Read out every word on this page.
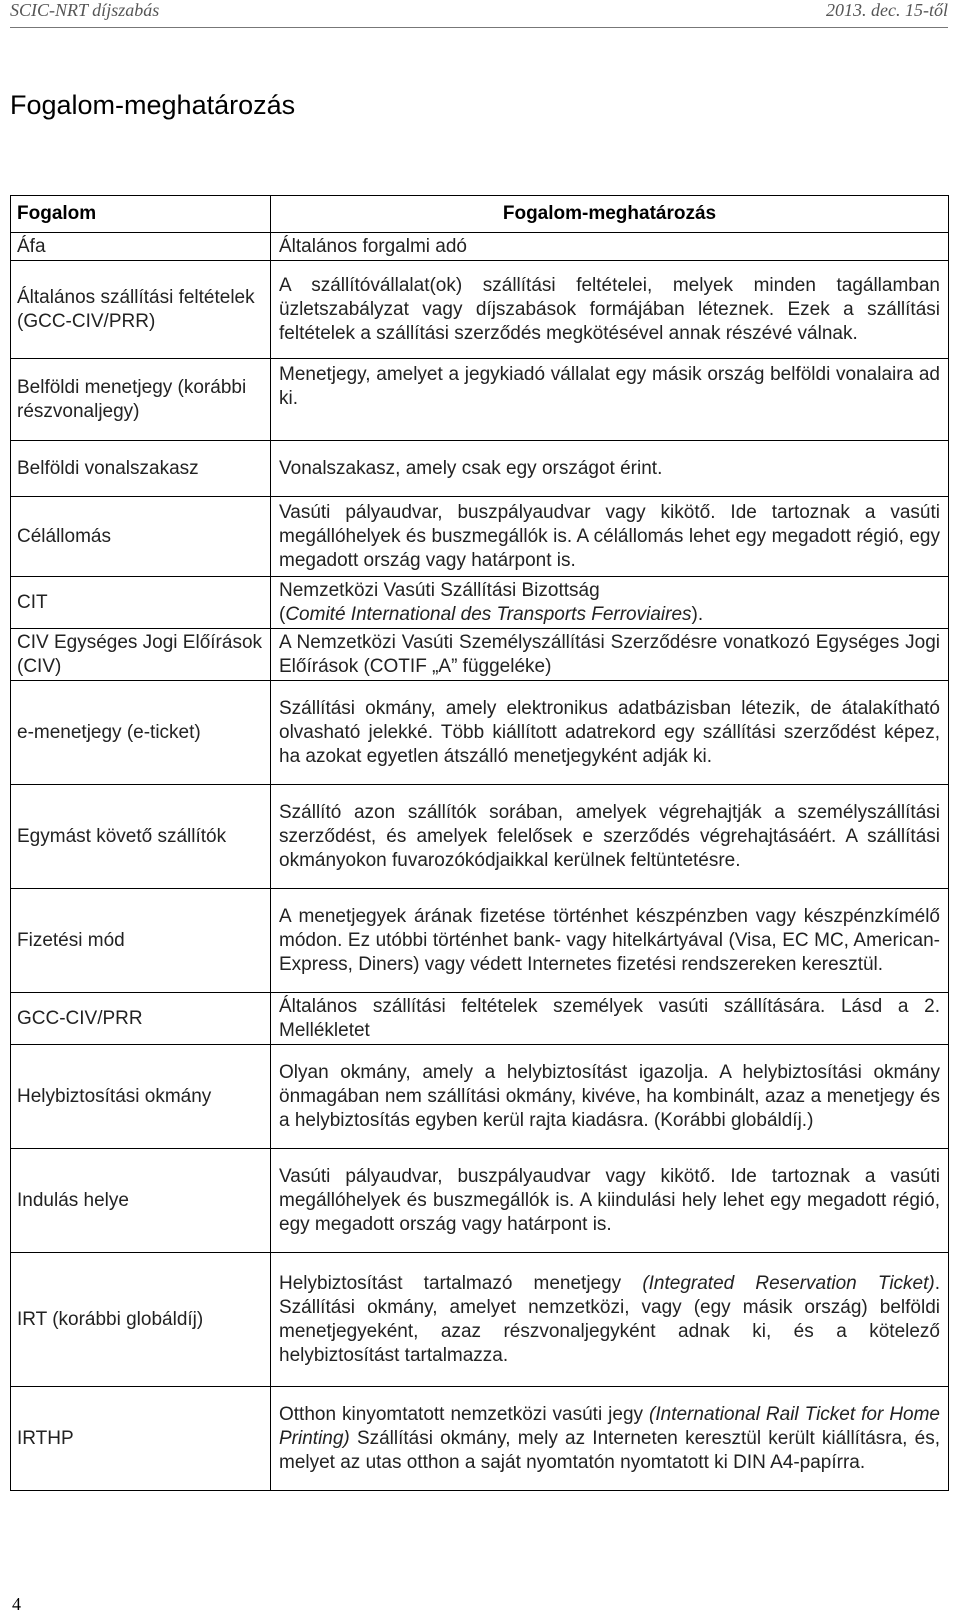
SCIC-NRT díjszabás	2013. dec. 15-től
Fogalom-meghatározás
Fogalom	Fogalom-meghatározás
Áfa	Általános forgalmi adó
Általános szállítási feltételek (GCC-CIV/PRR)	A szállítóvállalat(ok) szállítási feltételei, melyek minden tagállamban üzletszabályzat vagy díjszabások formájában léteznek. Ezek a szállítási feltételek a szállítási szerződés megkötésével annak részévé válnak.
Belföldi menetjegy (korábbi részvonaljegy)	Menetjegy, amelyet a jegykiadó vállalat egy másik ország belföldi vonalaira ad ki.
Belföldi vonalszakasz	Vonalszakasz, amely csak egy országot érint.
Célállomás	Vasúti pályaudvar, buszpályaudvar vagy kikötő. Ide tartoznak a vasúti megállóhelyek és buszmegállók is. A célállomás lehet egy megadott régió, egy megadott ország vagy határpont is.
CIT	Nemzetközi Vasúti Szállítási Bizottság
(Comité International des Transports Ferroviaires).
CIV Egységes Jogi Előírások (CIV)	A Nemzetközi Vasúti Személyszállítási Szerződésre vonatkozó Egységes Jogi Előírások (COTIF „A” függeléke)
e-menetjegy (e-ticket)	Szállítási okmány, amely elektronikus adatbázisban létezik, de átalakítható olvasható jelekké. Több kiállított adatrekord egy szállítási szerződést képez, ha azokat egyetlen átszálló menetjegyként adják ki.
Egymást követő szállítók	Szállító azon szállítók sorában, amelyek végrehajtják a személyszállítási szerződést, és amelyek felelősek e szerződés végrehajtásáért. A szállítási okmányokon fuvarozókódjaikkal kerülnek feltüntetésre.
Fizetési mód	A menetjegyek árának fizetése történhet készpénzben vagy készpénzkímélő módon. Ez utóbbi történhet bank- vagy hitelkártyával (Visa, EC MC, American-Express, Diners) vagy védett Internetes fizetési rendszereken keresztül.
GCC-CIV/PRR	Általános szállítási feltételek személyek vasúti szállítására. Lásd a 2. Mellékletet
Helybiztosítási okmány	Olyan okmány, amely a helybiztosítást igazolja. A helybiztosítási okmány önmagában nem szállítási okmány, kivéve, ha kombinált, azaz a menetjegy és a helybiztosítás egyben kerül rajta kiadásra. (Korábbi globáldíj.)
Indulás helye	Vasúti pályaudvar, buszpályaudvar vagy kikötő. Ide tartoznak a vasúti megállóhelyek és buszmegállók is. A kiindulási hely lehet egy megadott régió, egy megadott ország vagy határpont is.
IRT (korábbi globáldíj)	Helybiztosítást tartalmazó menetjegy (Integrated Reservation Ticket). Szállítási okmány, amelyet nemzetközi, vagy (egy másik ország) belföldi menetjegyeként, azaz részvonaljegyként adnak ki, és a kötelező helybiztosítást tartalmazza.
IRTHP	Otthon kinyomtatott nemzetközi vasúti jegy (International Rail Ticket for Home Printing) Szállítási okmány, mely az Interneten keresztül került kiállításra, és, melyet az utas otthon a saját nyomtatón nyomtatott ki DIN A4-papírra.
4
